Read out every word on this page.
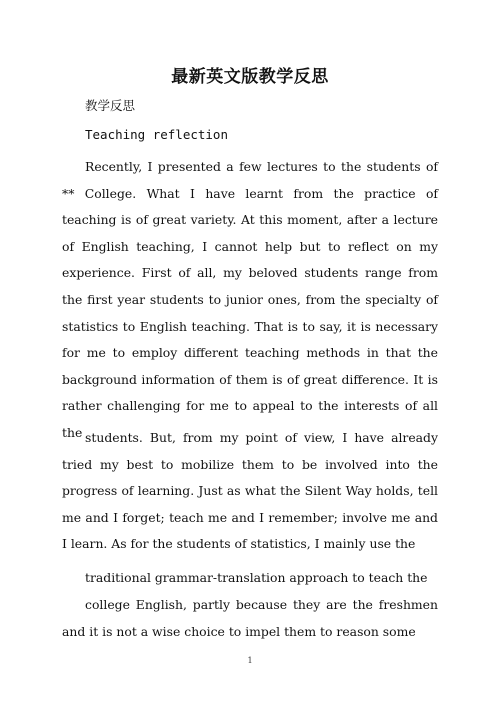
最新英文版教学反思
教学反思
Teaching reflection

Recently, I presented a few lectures to the students of ** College. What I have learnt from the practice of teaching is of great variety. At this moment, after a lecture of English teaching, I cannot help but to reflect on my experience. First of all, my beloved students range from the first year students to junior ones, from the specialty of statistics to English teaching. That is to say, it is necessary for me to employ different teaching methods in that the background information of them is of great difference. It is rather challenging for me to appeal to the interests of all the students. But, from my point of view, I have already tried my best to mobilize them to be involved into the progress of learning. Just as what the Silent Way holds, tell me and I forget; teach me and I remember; involve me and I learn. As for the students of statistics, I mainly use the

traditional grammar-translation approach to teach the

college English, partly because they are the freshmen and it is not a wise choice to impel them to reason some

1
